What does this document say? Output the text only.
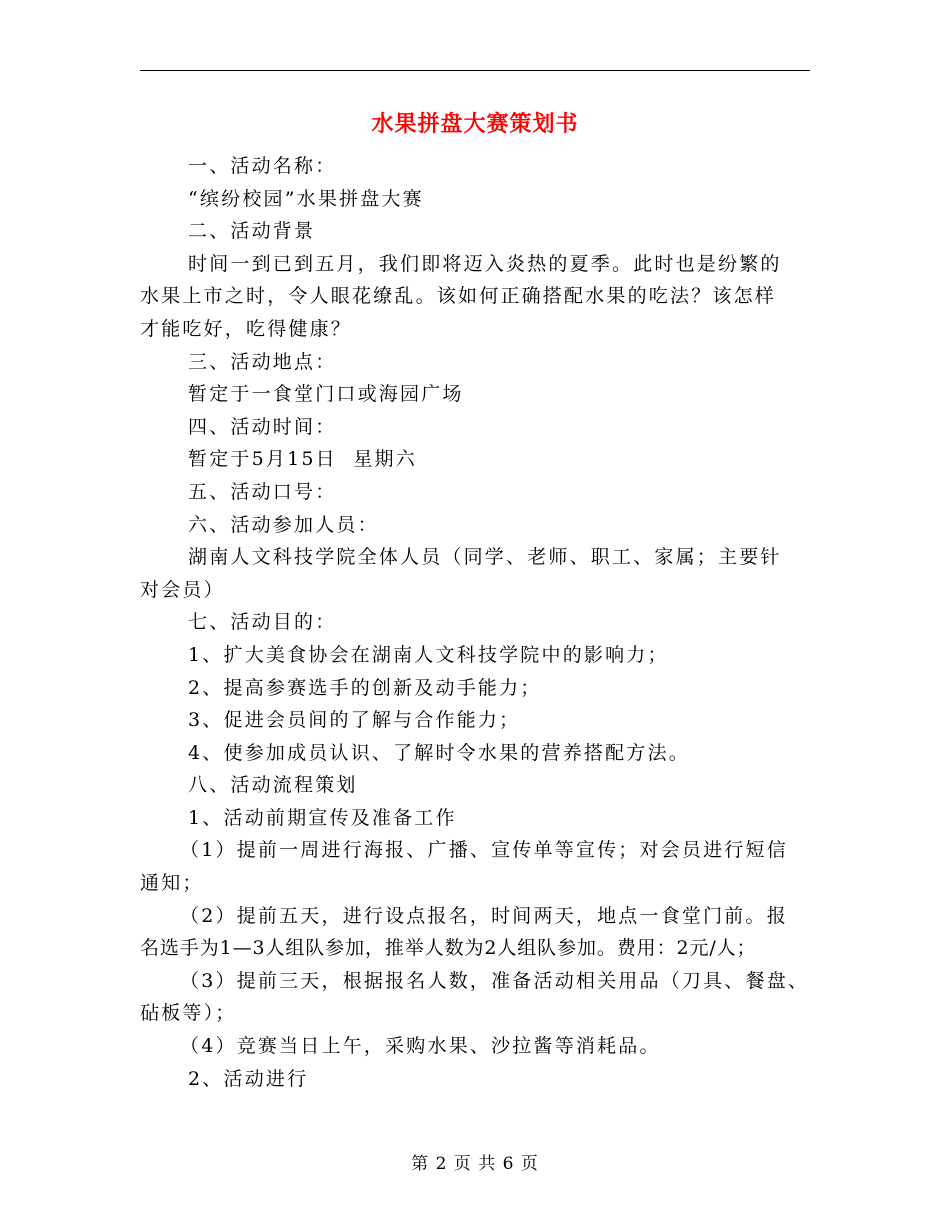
水果拼盘大赛策划书

一、活动名称：

“缤纷校园”水果拼盘大赛

二、活动背景

时间一到已到五月，我们即将迈入炎热的夏季。此时也是纷繁的

水果上市之时，令人眼花缭乱。该如何正确搭配水果的吃法？该怎样

才能吃好，吃得健康？

三、活动地点：

暂定于一食堂门口或海园广场

四、活动时间：

暂定于5月15日  星期六

五、活动口号：

六、活动参加人员：

湖南人文科技学院全体人员（同学、老师、职工、家属；主要针

对会员）

七、活动目的：

1、扩大美食协会在湖南人文科技学院中的影响力；

2、提高参赛选手的创新及动手能力；

3、促进会员间的了解与合作能力；

4、使参加成员认识、了解时令水果的营养搭配方法。

八、活动流程策划

1、活动前期宣传及准备工作

（1）提前一周进行海报、广播、宣传单等宣传；对会员进行短信

通知；

（2）提前五天，进行设点报名，时间两天，地点一食堂门前。报

名选手为1—3人组队参加，推举人数为2人组队参加。费用：2元/人；

（3）提前三天，根据报名人数，准备活动相关用品（刀具、餐盘、

砧板等）；

（4）竞赛当日上午，采购水果、沙拉酱等消耗品。

2、活动进行

第 2 页 共 6 页
